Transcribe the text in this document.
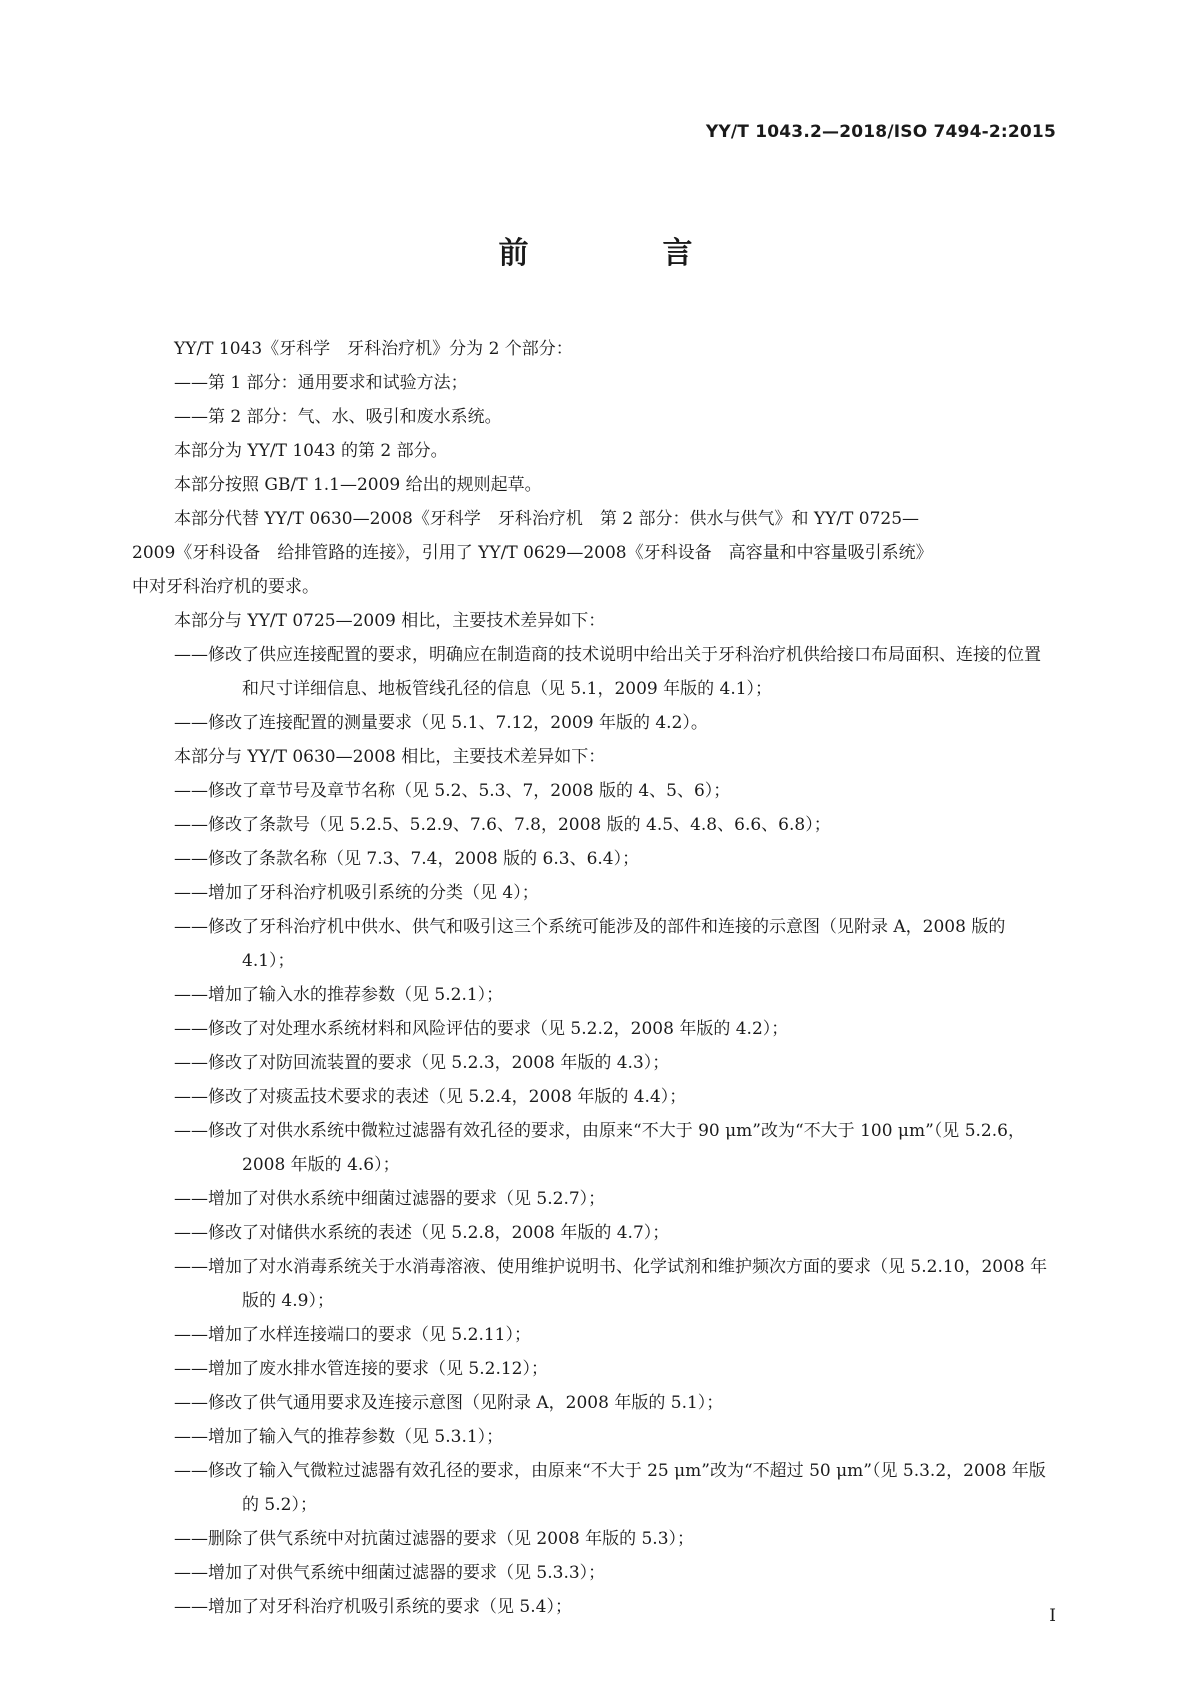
YY/T 1043.2—2018/ISO 7494-2:2015
前　言

YY/T 1043《牙科学　牙科治疗机》分为 2 个部分：

——第 1 部分：通用要求和试验方法；

——第 2 部分：气、水、吸引和废水系统。

本部分为 YY/T 1043 的第 2 部分。

本部分按照 GB/T 1.1—2009 给出的规则起草。

本部分代替 YY/T 0630—2008《牙科学　牙科治疗机　第 2 部分：供水与供气》和 YY/T 0725—

2009《牙科设备　给排管路的连接》，引用了 YY/T 0629—2008《牙科设备　高容量和中容量吸引系统》

中对牙科治疗机的要求。

本部分与 YY/T 0725—2009 相比，主要技术差异如下：

——修改了供应连接配置的要求，明确应在制造商的技术说明中给出关于牙科治疗机供给接口布局面积、连接的位置和尺寸详细信息、地板管线孔径的信息（见 5.1，2009 年版的 4.1）；

——修改了连接配置的测量要求（见 5.1、7.12，2009 年版的 4.2）。

本部分与 YY/T 0630—2008 相比，主要技术差异如下：

——修改了章节号及章节名称（见 5.2、5.3、7，2008 版的 4、5、6）；

——修改了条款号（见 5.2.5、5.2.9、7.6、7.8，2008 版的 4.5、4.8、6.6、6.8）；

——修改了条款名称（见 7.3、7.4，2008 版的 6.3、6.4）；

——增加了牙科治疗机吸引系统的分类（见 4）；

——修改了牙科治疗机中供水、供气和吸引这三个系统可能涉及的部件和连接的示意图（见附录 A，2008 版的 4.1）；

——增加了输入水的推荐参数（见 5.2.1）；

——修改了对处理水系统材料和风险评估的要求（见 5.2.2，2008 年版的 4.2）；

——修改了对防回流装置的要求（见 5.2.3，2008 年版的 4.3）；

——修改了对痰盂技术要求的表述（见 5.2.4，2008 年版的 4.4）；

——修改了对供水系统中微粒过滤器有效孔径的要求，由原来“不大于 90 μm”改为“不大于 100 μm”（见 5.2.6，2008 年版的 4.6）；

——增加了对供水系统中细菌过滤器的要求（见 5.2.7）；

——修改了对储供水系统的表述（见 5.2.8，2008 年版的 4.7）；

——增加了对水消毒系统关于水消毒溶液、使用维护说明书、化学试剂和维护频次方面的要求（见 5.2.10，2008 年版的 4.9）；

——增加了水样连接端口的要求（见 5.2.11）；

——增加了废水排水管连接的要求（见 5.2.12）；

——修改了供气通用要求及连接示意图（见附录 A，2008 年版的 5.1）；

——增加了输入气的推荐参数（见 5.3.1）；

——修改了输入气微粒过滤器有效孔径的要求，由原来“不大于 25 μm”改为“不超过 50 μm”（见 5.3.2，2008 年版的 5.2）；

——删除了供气系统中对抗菌过滤器的要求（见 2008 年版的 5.3）；

——增加了对供气系统中细菌过滤器的要求（见 5.3.3）；

——增加了对牙科治疗机吸引系统的要求（见 5.4）；	I
